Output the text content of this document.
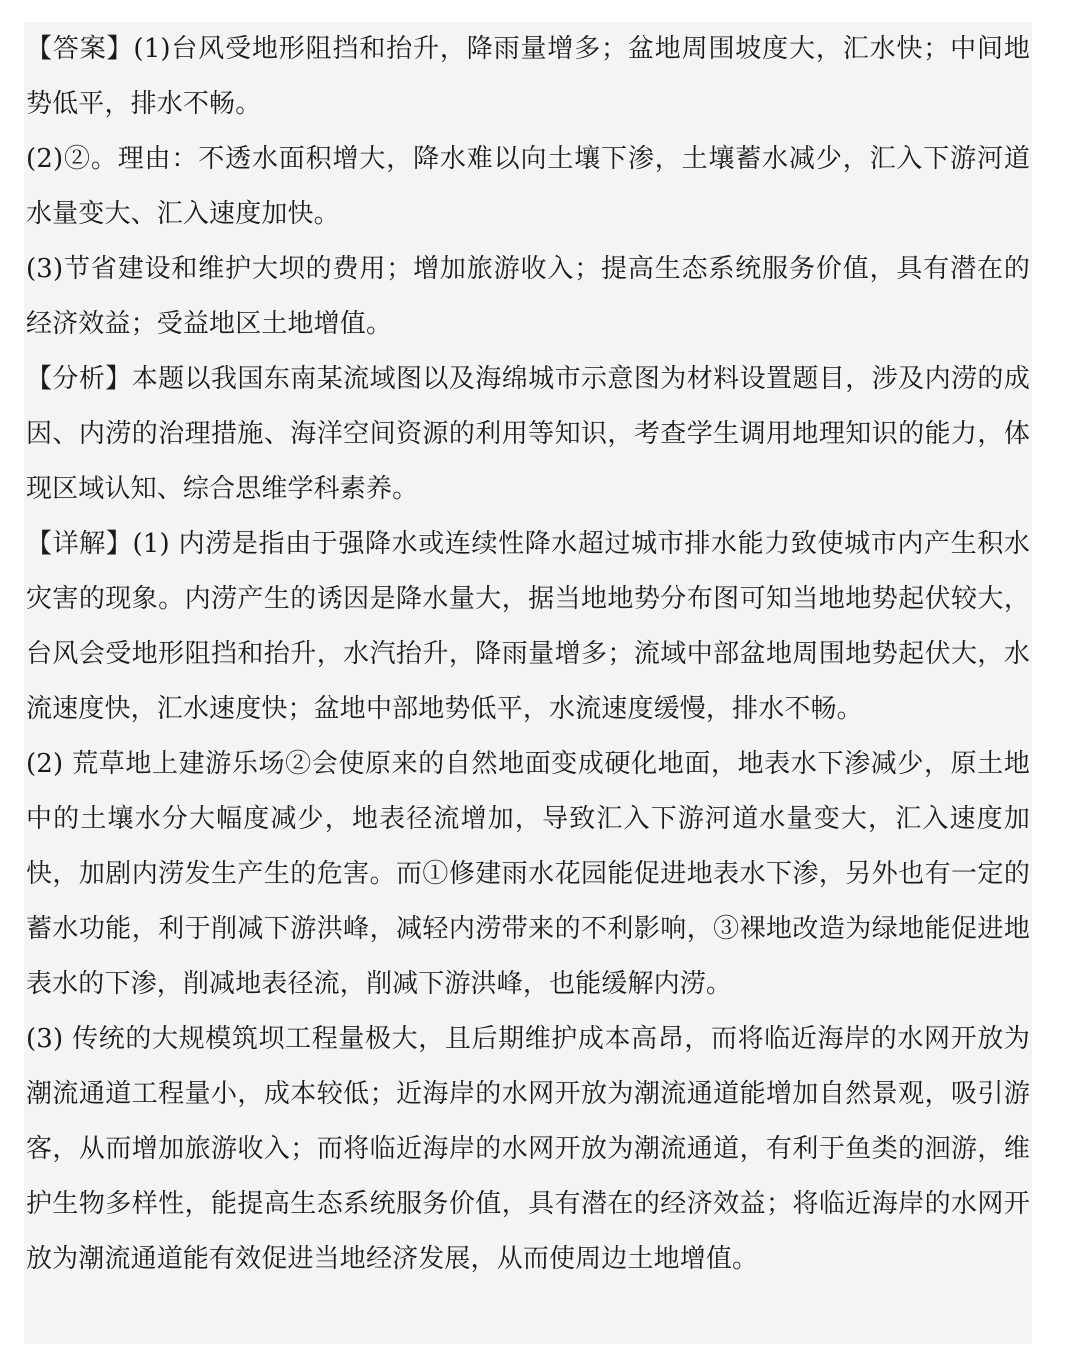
【答案】(1)台风受地形阻挡和抬升，降雨量增多；盆地周围坡度大，汇水快；中间地势低平，排水不畅。

(2)②。理由：不透水面积增大，降水难以向土壤下渗，土壤蓄水减少，汇入下游河道水量变大、汇入速度加快。

(3)节省建设和维护大坝的费用；增加旅游收入；提高生态系统服务价值，具有潜在的经济效益；受益地区土地增值。

【分析】本题以我国东南某流域图以及海绵城市示意图为材料设置题目，涉及内涝的成因、内涝的治理措施、海洋空间资源的利用等知识，考查学生调用地理知识的能力，体现区域认知、综合思维学科素养。

【详解】(1) 内涝是指由于强降水或连续性降水超过城市排水能力致使城市内产生积水灾害的现象。内涝产生的诱因是降水量大，据当地地势分布图可知当地地势起伏较大，台风会受地形阻挡和抬升，水汽抬升，降雨量增多；流域中部盆地周围地势起伏大，水流速度快，汇水速度快；盆地中部地势低平，水流速度缓慢，排水不畅。

(2) 荒草地上建游乐场②会使原来的自然地面变成硬化地面，地表水下渗减少，原土地中的土壤水分大幅度减少，地表径流增加，导致汇入下游河道水量变大，汇入速度加快，加剧内涝发生产生的危害。而①修建雨水花园能促进地表水下渗，另外也有一定的蓄水功能，利于削减下游洪峰，减轻内涝带来的不利影响，③裸地改造为绿地能促进地表水的下渗，削减地表径流，削减下游洪峰，也能缓解内涝。

(3) 传统的大规模筑坝工程量极大，且后期维护成本高昂，而将临近海岸的水网开放为潮流通道工程量小，成本较低；近海岸的水网开放为潮流通道能增加自然景观，吸引游客，从而增加旅游收入；而将临近海岸的水网开放为潮流通道，有利于鱼类的洄游，维护生物多样性，能提高生态系统服务价值，具有潜在的经济效益；将临近海岸的水网开放为潮流通道能有效促进当地经济发展，从而使周边土地增值。
